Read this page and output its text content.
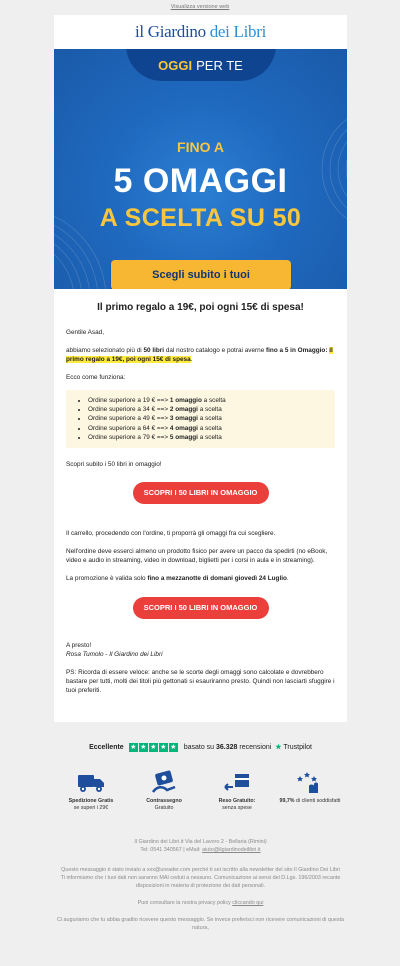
Visualizza versione web
il Giardino dei Libri
OGGI PER TE
FINO A
5 OMAGGI
A SCELTA SU 50
Scegli subito i tuoi
Il primo regalo a 19€, poi ogni 15€ di spesa!

Gentile Asad,

abbiamo selezionato più di 50 libri dal nostro catalogo e potrai averne fino a 5 in Omaggio: il primo regalo a 19€, poi ogni 15€ di spesa.

Ecco come funziona:

• Ordine superiore a 19 € ==> 1 omaggio a scelta
• Ordine superiore a 34 € ==> 2 omaggi a scelta
• Ordine superiore a 49 € ==> 3 omaggi a scelta
• Ordine superiore a 64 € ==> 4 omaggi a scelta
• Ordine superiore a 79 € ==> 5 omaggi a scelta

Scopri subito i 50 libri in omaggio!

SCOPRI I 50 LIBRI IN OMAGGIO

Il carrello, procedendo con l'ordine, ti proporrà gli omaggi fra cui scegliere.

Nell'ordine deve esserci almeno un prodotto fisico per avere un pacco da spedirti (no eBook, video e audio in streaming, video in download, biglietti per i corsi in aula e in streaming).

La promozione è valida solo fino a mezzanotte di domani giovedì 24 Luglio.

SCOPRI I 50 LIBRI IN OMAGGIO

A presto!

Rosa Tumolo - Il Giardino dei Libri

PS: Ricorda di essere veloce: anche se le scorte degli omaggi sono calcolate e dovrebbero bastare per tutti, molti dei titoli più gettonati si esauriranno presto. Quindi non lasciarti sfuggire i tuoi preferiti.

Eccellente ★ ★ ★ ★ ★ basato su 36.328 recensioni ★ Trustpilot
Spedizione Gratis
se superi i 29€
Contrassegno
Gratuito
Reso Gratuito:
senza spese
99,7% di clienti soddisfatti
Il Giardino dei Libri.it Via del Lavoro 2 - Bellaria (Rimini)
Tel: 0541 340567 | eMail: aiuto@ilgiardinodeilibri.it
Questo messaggio è stato inviato a xxx@ureader.com perché ti sei iscritto alla newsletter del sito Il Giardino Dei Libri
Ti informiamo che i tuoi dati non saranno MAI ceduti a nessuno. Comunicazione ai sensi del D.Lgs. 196/2003 recante disposizioni in materia di protezione dei dati personali.
Puoi consultare la nostra privacy policy cliccando qui
Ci auguriamo che tu abbia gradito ricevere questo messaggio. Se invece preferisci non ricevere comunicazioni di questa natura,
